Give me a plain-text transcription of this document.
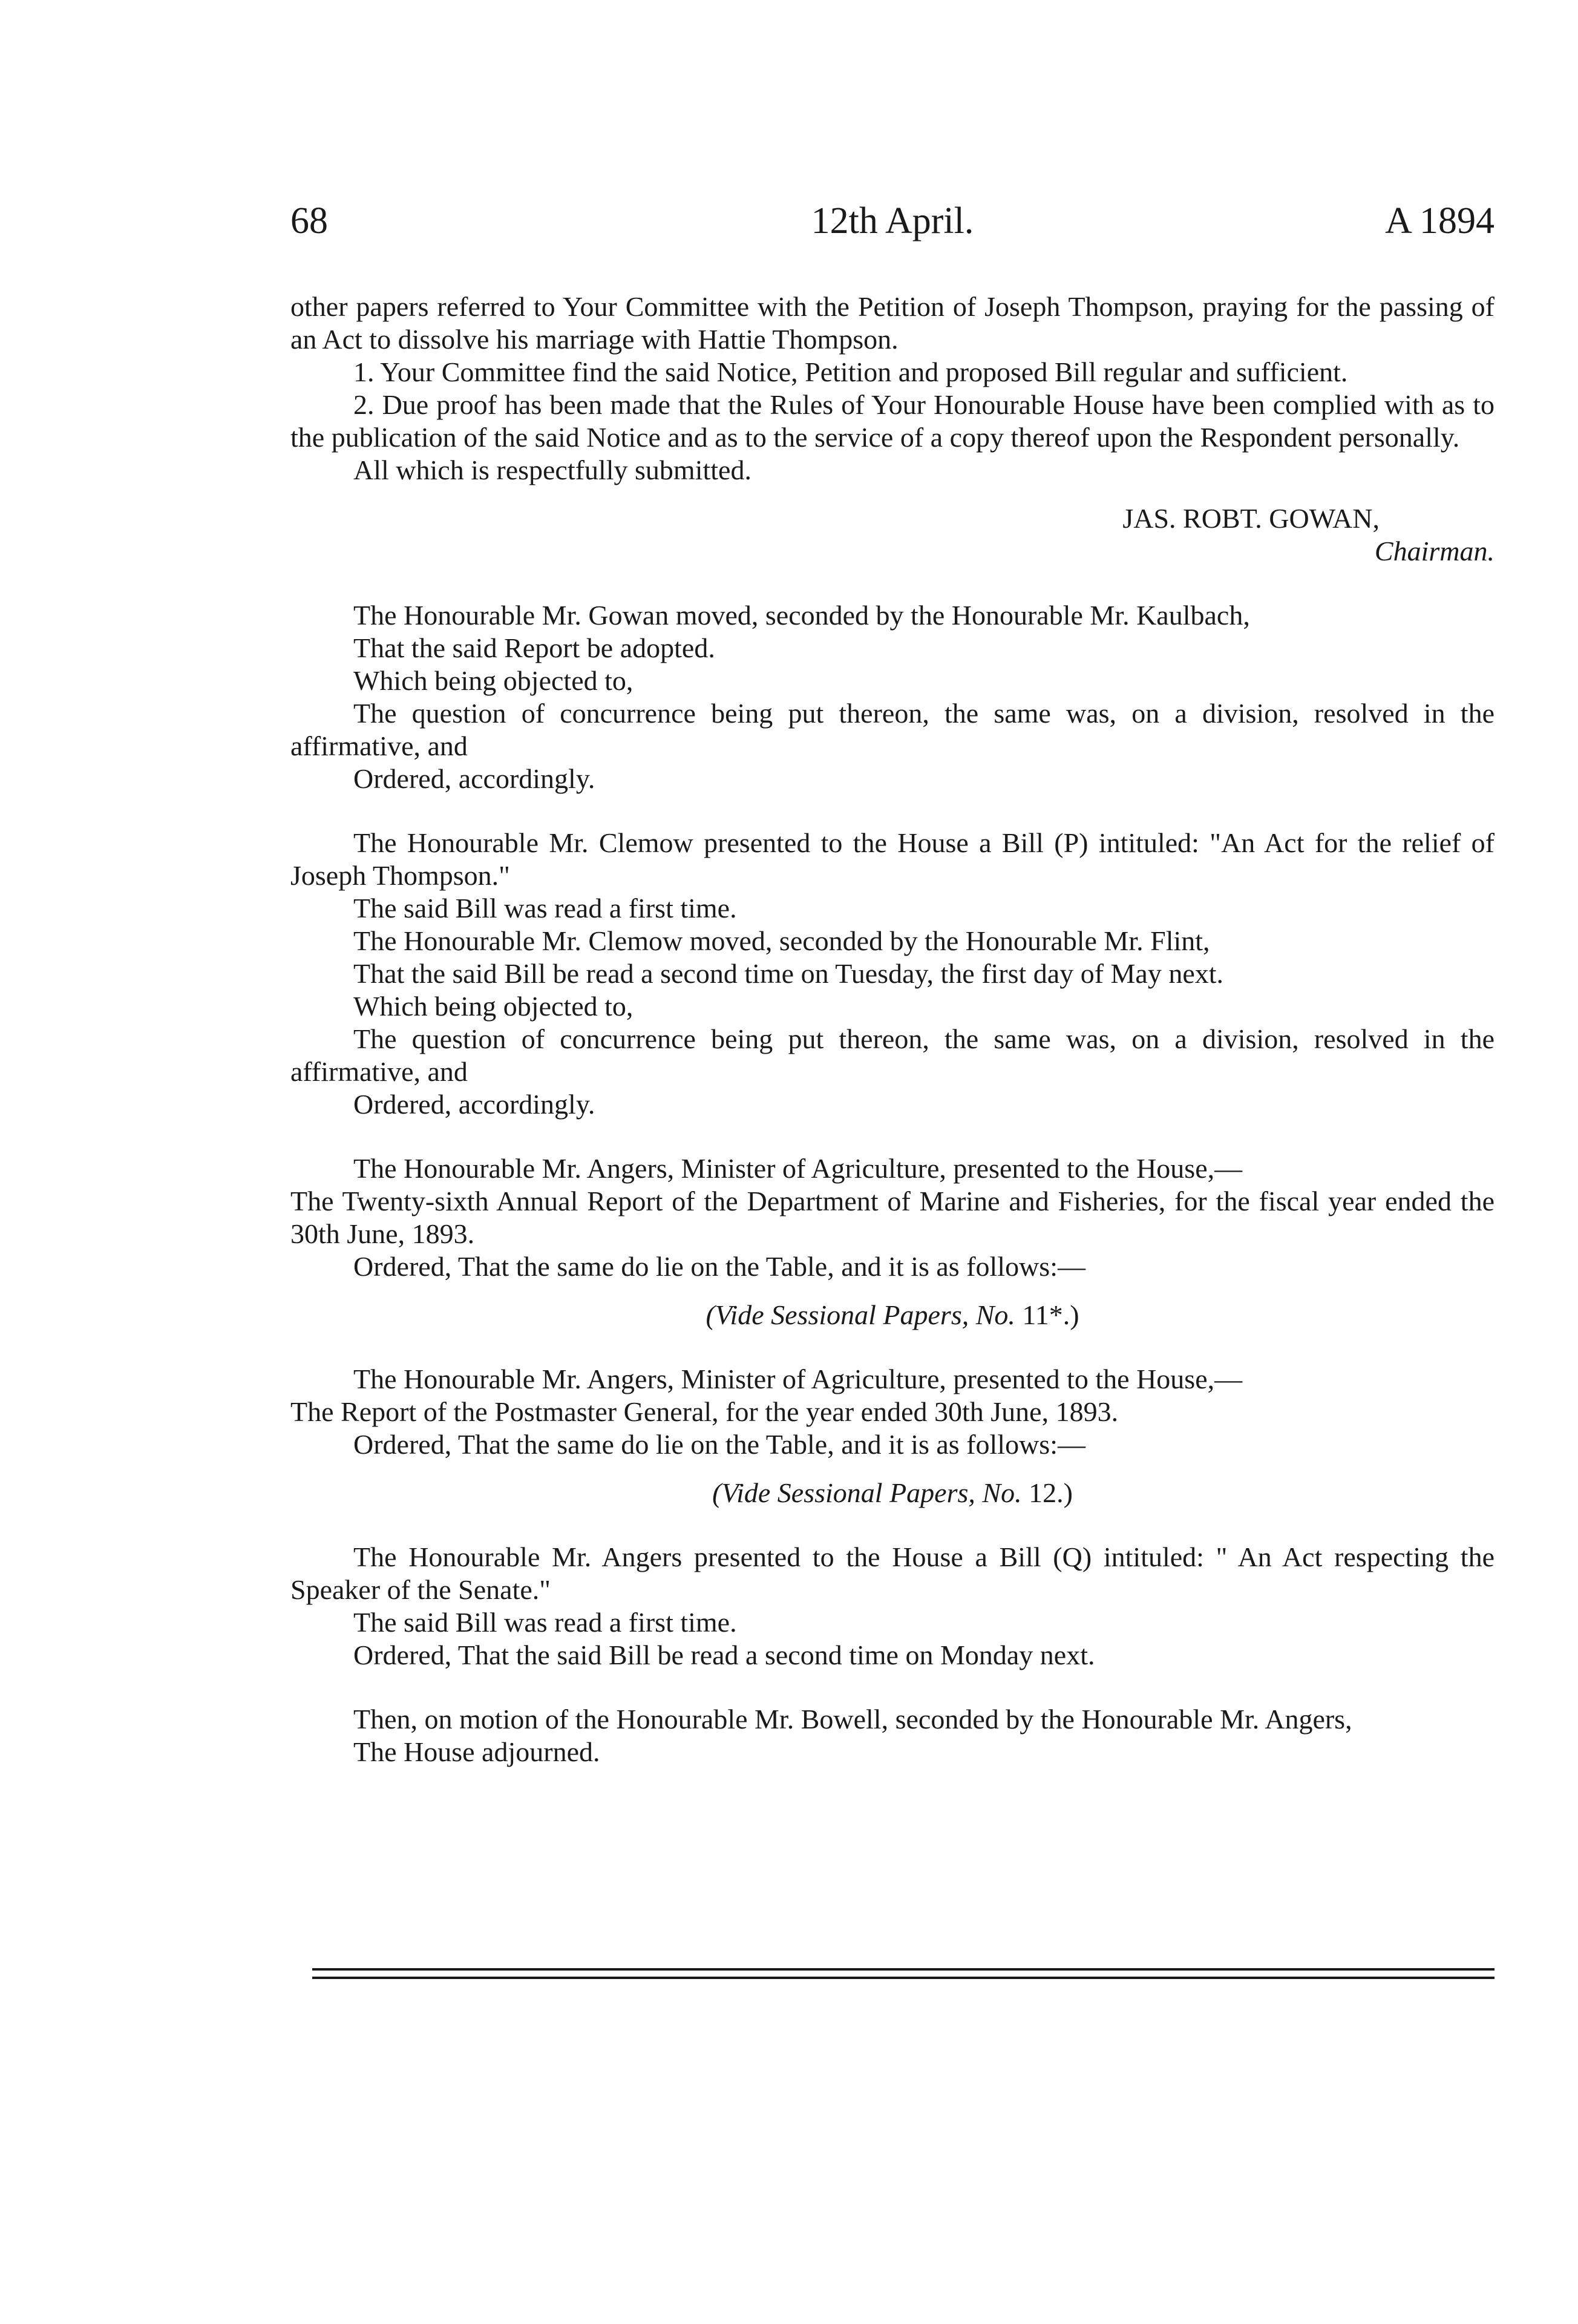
68	12th April.	A 1894

other papers referred to Your Committee with the Petition of Joseph Thompson, praying for the passing of an Act to dissolve his marriage with Hattie Thompson.

1. Your Committee find the said Notice, Petition and proposed Bill regular and sufficient.

2. Due proof has been made that the Rules of Your Honourable House have been complied with as to the publication of the said Notice and as to the service of a copy thereof upon the Respondent personally.

All which is respectfully submitted.

JAS. ROBT. GOWAN,

Chairman.

The Honourable Mr. Gowan moved, seconded by the Honourable Mr. Kaulbach,

That the said Report be adopted.

Which being objected to,

The question of concurrence being put thereon, the same was, on a division, resolved in the affirmative, and

Ordered, accordingly.

The Honourable Mr. Clemow presented to the House a Bill (P) intituled: "An Act for the relief of Joseph Thompson."

The said Bill was read a first time.

The Honourable Mr. Clemow moved, seconded by the Honourable Mr. Flint,

That the said Bill be read a second time on Tuesday, the first day of May next.

Which being objected to,

The question of concurrence being put thereon, the same was, on a division, resolved in the affirmative, and

Ordered, accordingly.

The Honourable Mr. Angers, Minister of Agriculture, presented to the House,—

The Twenty-sixth Annual Report of the Department of Marine and Fisheries, for the fiscal year ended the 30th June, 1893.

Ordered, That the same do lie on the Table, and it is as follows:—

(Vide Sessional Papers, No. 11*.)

The Honourable Mr. Angers, Minister of Agriculture, presented to the House,—

The Report of the Postmaster General, for the year ended 30th June, 1893.

Ordered, That the same do lie on the Table, and it is as follows:—

(Vide Sessional Papers, No. 12.)

The Honourable Mr. Angers presented to the House a Bill (Q) intituled: " An Act respecting the Speaker of the Senate."

The said Bill was read a first time.

Ordered, That the said Bill be read a second time on Monday next.

Then, on motion of the Honourable Mr. Bowell, seconded by the Honourable Mr. Angers,

The House adjourned.
